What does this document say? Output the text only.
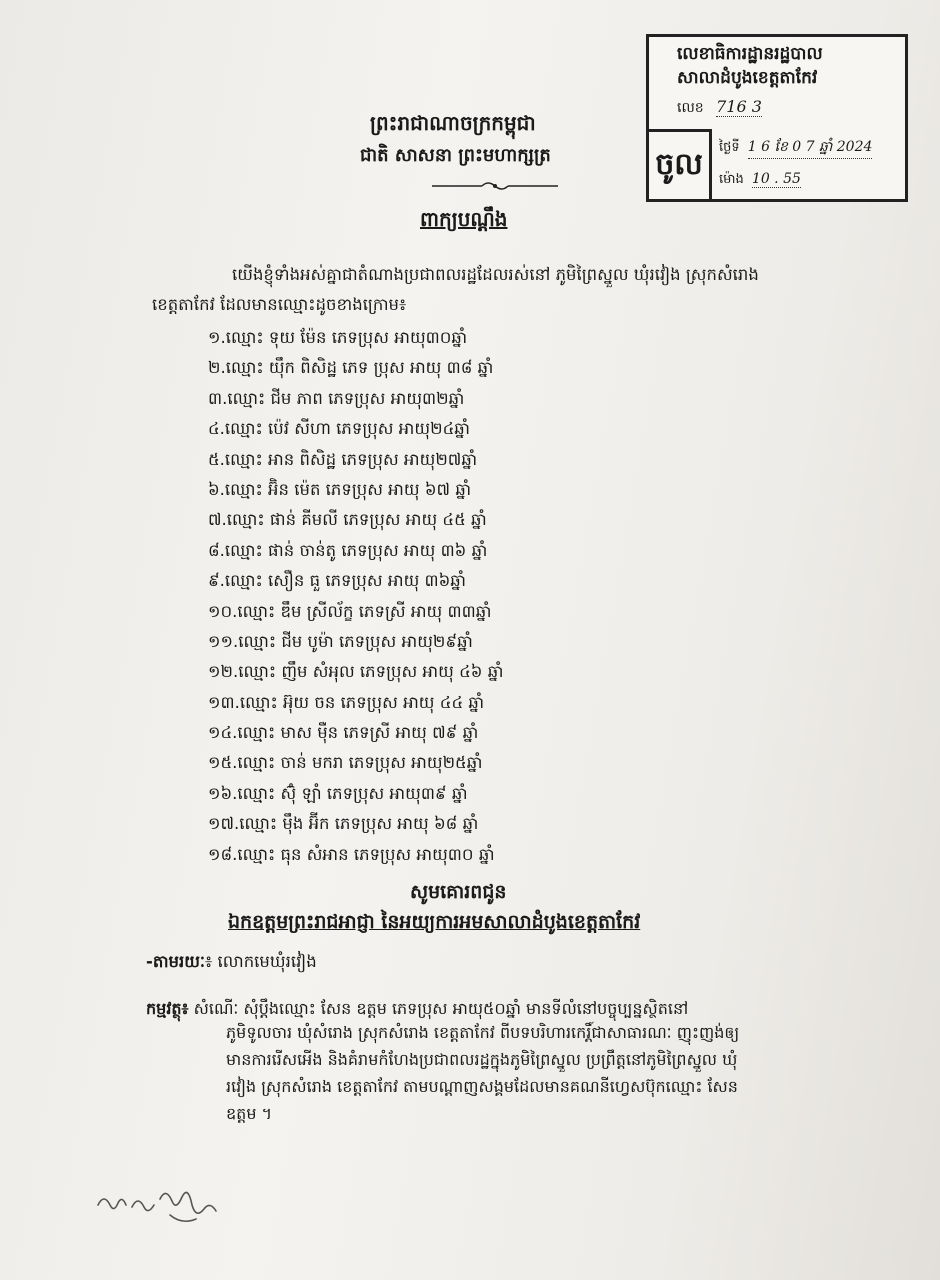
លេខាធិការដ្ឋានរដ្ឋបាល
សាលាដំបូងខេត្តតាកែវ
លេខ 716 3
ចូល	ថ្ងៃទី 1 6 ខែ 0 7 ឆ្នាំ 2024
ម៉ោង 10 . 55
ព្រះរាជាណាចក្រកម្ពុជា
ជាតិ សាសនា ព្រះមហាក្សត្រ
ពាក្យបណ្តឹង
យើងខ្ញុំទាំងអស់គ្នាជាតំណាងប្រជាពលរដ្ឋដែលរស់នៅ ភូមិព្រៃស្នួល ឃុំរវៀង ស្រុកសំរោង
ខេត្តតាកែវ ដែលមានឈ្មោះដូចខាងក្រោម៖
១.ឈ្មោះ ទុយ ម៉ែន ភេទប្រុស អាយុ៣០ឆ្នាំ
២.ឈ្មោះ យ៉ឹក ពិសិដ្ឋ ភេទ ប្រុស អាយុ ៣៨ ឆ្នាំ
៣.ឈ្មោះ ជីម ភាព ភេទប្រុស អាយុ៣២ឆ្នាំ
៤.ឈ្មោះ ប៉េវ សីហា ភេទប្រុស អាយុ២៤ឆ្នាំ
៥.ឈ្មោះ អាន ពិសិដ្ឋ ភេទប្រុស អាយុ២៧ឆ្នាំ
៦.ឈ្មោះ អ៊ិន ម៉េត ភេទប្រុស អាយុ ៦៧ ឆ្នាំ
៧.ឈ្មោះ ផាន់ គីមលី ភេទប្រុស អាយុ ៤៥ ឆ្នាំ
៨.ឈ្មោះ ផាន់ ចាន់តូ ភេទប្រុស អាយុ ៣៦ ឆ្នាំ
៩.ឈ្មោះ សឿន ធួ ភេទប្រុស អាយុ ៣៦ឆ្នាំ
១០.ឈ្មោះ ឌឹម ស្រីល័ក្ខ ភេទស្រី អាយុ ៣៣ឆ្នាំ
១១.ឈ្មោះ ជីម បូម៉ា ភេទប្រុស អាយុ២៩ឆ្នាំ
១២.ឈ្មោះ ញឹម សំអុល ភេទប្រុស អាយុ ៤៦ ឆ្នាំ
១៣.ឈ្មោះ អ៊ុយ ចន ភេទប្រុស អាយុ ៤៤ ឆ្នាំ
១៤.ឈ្មោះ មាស ម៉ឺន ភេទស្រី អាយុ ៧៩ ឆ្នាំ
១៥.ឈ្មោះ ចាន់ មករា ភេទប្រុស អាយុ២៥ឆ្នាំ
១៦.ឈ្មោះ ស៊ុំ ឡាំ ភេទប្រុស អាយុ៣៩ ឆ្នាំ
១៧.ឈ្មោះ ម៉ឹង អ៊ីក ភេទប្រុស អាយុ ៦៨ ឆ្នាំ
១៨.ឈ្មោះ ធុន សំអាន ភេទប្រុស អាយុ៣០ ឆ្នាំ
សូមគោរពជូន
ឯកឧត្តមព្រះរាជអាជ្ញា នៃអយ្យការអមសាលាដំបូងខេត្តតាកែវ
-តាមរយៈ៖ លោកមេឃុំរវៀង
កម្មវត្ថុ៖ សំណើៈ សុំប្តឹងឈ្មោះ សែន ឧត្តម ភេទប្រុស អាយុ៥០ឆ្នាំ មានទីលំនៅបច្ចុប្បន្នស្ថិតនៅ
ភូមិទូលចារ ឃុំសំរោង ស្រុកសំរោង ខេត្តតាកែវ ពីបទបរិហារកេរ្តិ៍ជាសាធារណៈ ញុះញង់ឲ្យ
មានការរើសអើង និងគំរាមកំហែងប្រជាពលរដ្ឋក្នុងភូមិព្រៃស្នួល ប្រព្រឹត្តនៅភូមិព្រៃស្នួល ឃុំ
រវៀង ស្រុកសំរោង ខេត្តតាកែវ តាមបណ្តាញសង្គមដែលមានគណនីហ្វេសប៊ុកឈ្មោះ សែន
ឧត្តម ។
